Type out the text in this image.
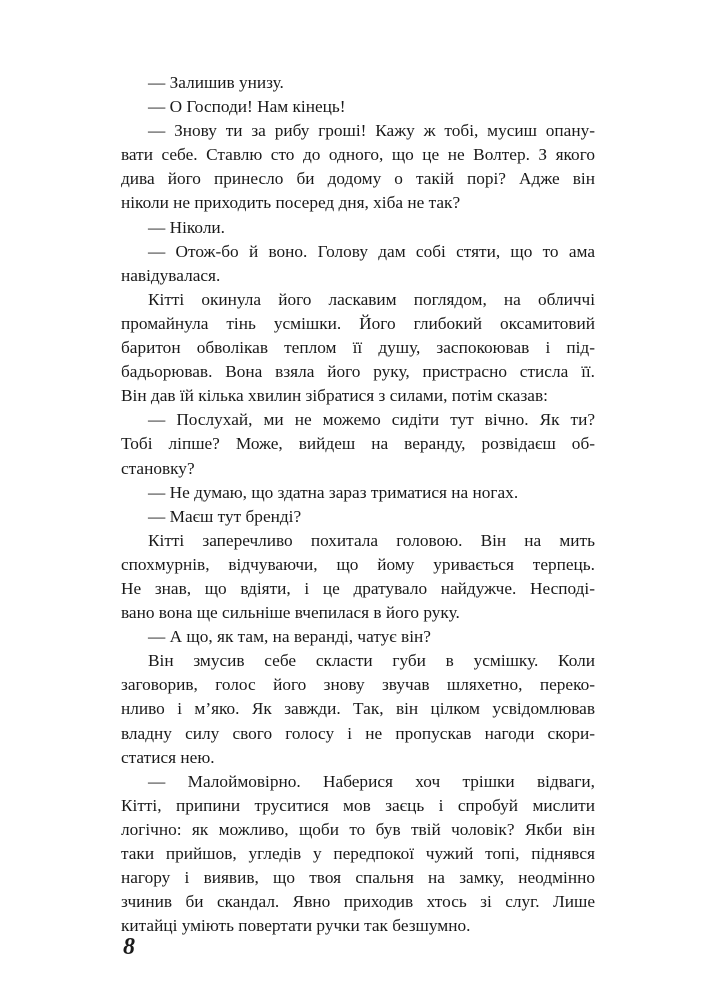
— Залишив унизу.
— О Господи! Нам кінець!
— Знову ти за рибу гроші! Кажу ж тобі, мусиш опану-
вати себе. Ставлю сто до одного, що це не Волтер. З якого
дива його принесло би додому о такій порі? Адже він
ніколи не приходить посеред дня, хіба не так?
— Ніколи.
— Отож-бо й воно. Голову дам собі стяти, що то ама
навідувалася.
Кітті окинула його ласкавим поглядом, на обличчі
промайнула тінь усмішки. Його глибокий оксамитовий
баритон обволікав теплом її душу, заспокоював і під-
бадьорював. Вона взяла його руку, пристрасно стисла її.
Він дав їй кілька хвилин зібратися з силами, потім сказав:
— Послухай, ми не можемо сидіти тут вічно. Як ти?
Тобі ліпше? Може, вийдеш на веранду, розвідаєш об-
становку?
— Не думаю, що здатна зараз триматися на ногах.
— Маєш тут бренді?
Кітті заперечливо похитала головою. Він на мить
спохмурнів, відчуваючи, що йому уривається терпець.
Не знав, що вдіяти, і це дратувало найдужче. Несподі-
вано вона ще сильніше вчепилася в його руку.
— А що, як там, на веранді, чатує він?
Він змусив себе скласти губи в усмішку. Коли
заговорив, голос його знову звучав шляхетно, переко-
нливо і м’яко. Як завжди. Так, він цілком усвідомлював
владну силу свого голосу і не пропускав нагоди скори-
статися нею.
— Малоймовірно. Наберися хоч трішки відваги,
Кітті, припини труситися мов заєць і спробуй мислити
логічно: як можливо, щоби то був твій чоловік? Якби він
таки прийшов, угледів у передпокої чужий топі, піднявся
нагору і виявив, що твоя спальня на замку, неодмінно
зчинив би скандал. Явно приходив хтось зі слуг. Лише
китайці уміють повертати ручки так безшумно.
8
